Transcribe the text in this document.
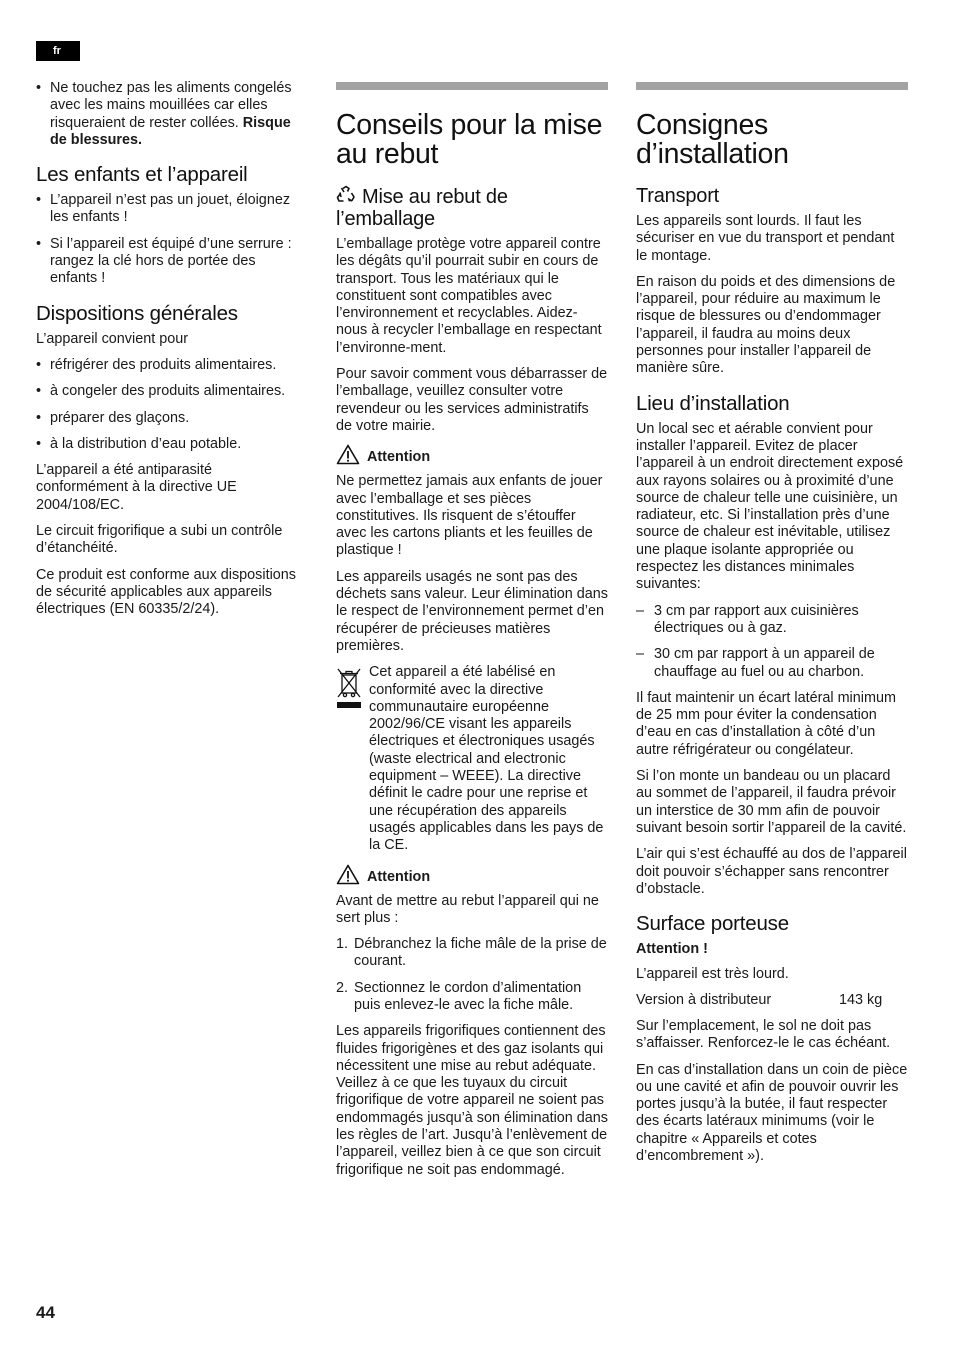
fr
• Ne touchez pas les aliments congelés avec les mains mouillées car elles risqueraient de rester collées. Risque de blessures.
Les enfants et l’appareil
• L’appareil n’est pas un jouet, éloignez les enfants !
• Si l’appareil est équipé d’une serrure : rangez la clé hors de portée des enfants !
Dispositions générales

L’appareil convient pour

• réfrigérer des produits alimentaires.
• à congeler des produits alimentaires.
• préparer des glaçons.
• à la distribution d’eau potable.

L’appareil a été antiparasité conformément à la directive UE 2004/108/EC.

Le circuit frigorifique a subi un contrôle d’étanchéité.

Ce produit est conforme aux dispositions de sécurité applicables aux appareils électriques (EN 60335/2/24).

Conseils pour la mise au rebut
Mise au rebut de l’emballage

L’emballage protège votre appareil contre les dégâts qu’il pourrait subir en cours de transport. Tous les matériaux qui le constituent sont compatibles avec l’environnement et recyclables. Aidez-nous à recycler l’emballage en respectant l’environne-ment.

Pour savoir comment vous débarrasser de l’emballage, veuillez consulter votre revendeur ou les services administratifs de votre mairie.

Attention

Ne permettez jamais aux enfants de jouer avec l’emballage et ses pièces constitutives. Ils risquent de s’étouffer avec les cartons pliants et les feuilles de plastique !

Les appareils usagés ne sont pas des déchets sans valeur. Leur élimination dans le respect de l’environnement permet d’en récupérer de précieuses matières premières.

Cet appareil a été labélisé en conformité avec la directive communautaire européenne 2002/96/CE visant les appareils électriques et électroniques usagés (waste electrical and electronic equipment – WEEE). La directive définit le cadre pour une reprise et une récupération des appareils usagés applicables dans les pays de la CE.

Attention

Avant de mettre au rebut l’appareil qui ne sert plus :

1. Débranchez la fiche mâle de la prise de courant.
2. Sectionnez le cordon d’alimentation puis enlevez-le avec la fiche mâle.

Les appareils frigorifiques contiennent des fluides frigorigènes et des gaz isolants qui nécessitent une mise au rebut adéquate. Veillez à ce que les tuyaux du circuit frigorifique de votre appareil ne soient pas endommagés jusqu’à son élimination dans les règles de l’art. Jusqu’à l’enlèvement de l’appareil, veillez bien à ce que son circuit frigorifique ne soit pas endommagé.

Consignes d’installation
Transport

Les appareils sont lourds. Il faut les sécuriser en vue du transport et pendant le montage.

En raison du poids et des dimensions de l’appareil, pour réduire au maximum le risque de blessures ou d’endommager l’appareil, il faudra au moins deux personnes pour installer l’appareil de manière sûre.

Lieu d’installation

Un local sec et aérable convient pour installer l’appareil. Evitez de placer l’appareil à un endroit directement exposé aux rayons solaires ou à proximité d’une source de chaleur telle une cuisinière, un radiateur, etc. Si l’installation près d’une source de chaleur est inévitable, utilisez une plaque isolante appropriée ou respectez les distances minimales suivantes:

– 3 cm par rapport aux cuisinières électriques ou à gaz.
– 30 cm par rapport à un appareil de chauffage au fuel ou au charbon.

Il faut maintenir un écart latéral minimum de 25 mm pour éviter la condensation d’eau en cas d’installation à côté d’un autre réfrigérateur ou congélateur.

Si l’on monte un bandeau ou un placard au sommet de l’appareil, il faudra prévoir un interstice de 30 mm afin de pouvoir suivant besoin sortir l’appareil de la cavité.

L’air qui s’est échauffé au dos de l’appareil doit pouvoir s’échapper sans rencontrer d’obstacle.

Surface porteuse

Attention !

L’appareil est très lourd.

Version à distributeur	143 kg

Sur l’emplacement, le sol ne doit pas s’affaisser. Renforcez-le le cas échéant.

En cas d’installation dans un coin de pièce ou une cavité et afin de pouvoir ouvrir les portes jusqu’à la butée, il faut respecter des écarts latéraux minimums (voir le chapitre « Appareils et cotes d’encombrement »).

44
